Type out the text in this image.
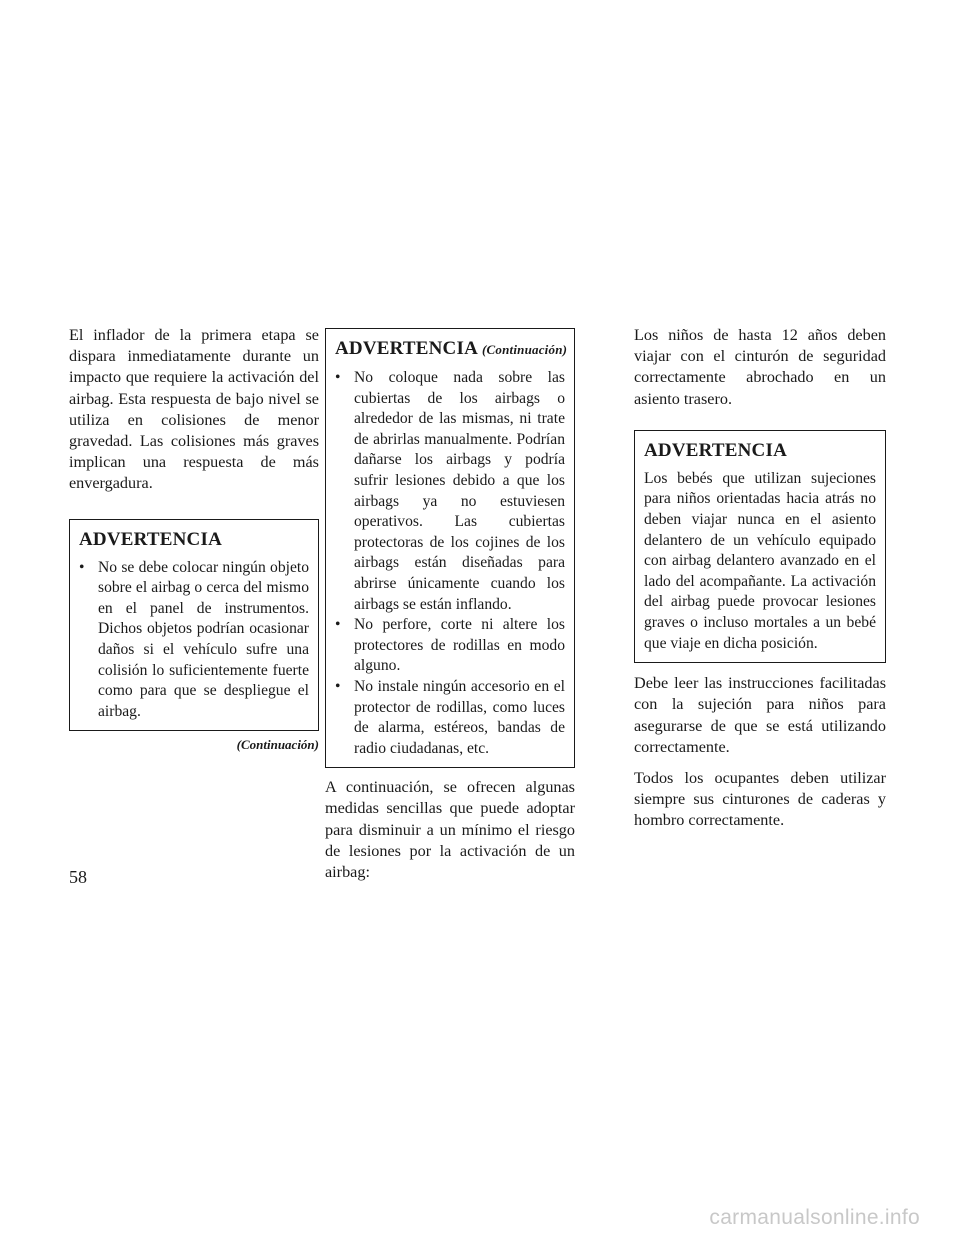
El inflador de la primera etapa se dispara inmediatamente durante un impacto que requiere la activación del airbag. Esta respuesta de bajo nivel se utiliza en colisiones de menor gravedad. Las colisiones más graves implican una respuesta de más envergadura.

ADVERTENCIA
• No se debe colocar ningún objeto sobre el airbag o cerca del mismo en el panel de instrumentos. Dichos objetos podrían ocasionar daños si el vehículo sufre una colisión lo suficientemente fuerte como para que se despliegue el airbag.
(Continuación)
ADVERTENCIA (Continuación)
• No coloque nada sobre las cubiertas de los airbags o alrededor de las mismas, ni trate de abrirlas manualmente. Podrían dañarse los airbags y podría sufrir lesiones debido a que los airbags ya no estuviesen operativos. Las cubiertas protectoras de los cojines de los airbags están diseñadas para abrirse únicamente cuando los airbags se están inflando.
• No perfore, corte ni altere los protectores de rodillas en modo alguno.
• No instale ningún accesorio en el protector de rodillas, como luces de alarma, estéreos, bandas de radio ciudadanas, etc.

A continuación, se ofrecen algunas medidas sencillas que puede adoptar para disminuir a un mínimo el riesgo de lesiones por la activación de un airbag:

Los niños de hasta 12 años deben viajar con el cinturón de seguridad correctamente abrochado en un asiento trasero.

ADVERTENCIA

Los bebés que utilizan sujeciones para niños orientadas hacia atrás no deben viajar nunca en el asiento delantero de un vehículo equipado con airbag delantero avanzado en el lado del acompañante. La activación del airbag puede provocar lesiones graves o incluso mortales a un bebé que viaje en dicha posición.

Debe leer las instrucciones facilitadas con la sujeción para niños para asegurarse de que se está utilizando correctamente.

Todos los ocupantes deben utilizar siempre sus cinturones de caderas y hombro correctamente.

58
carmanualsonline.info
